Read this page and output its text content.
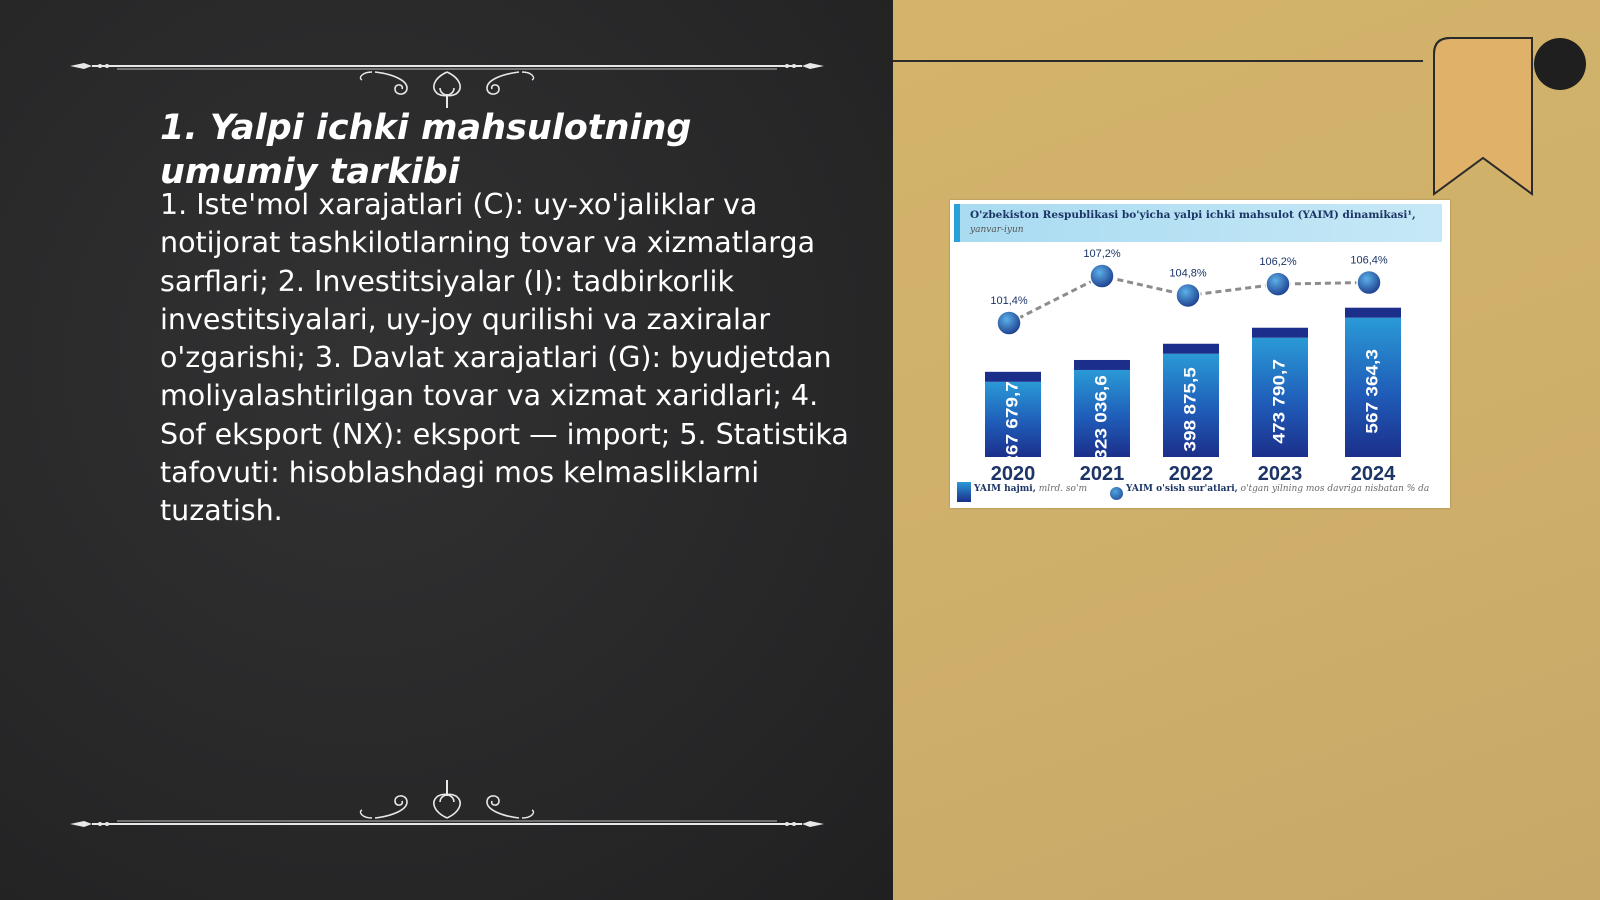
1. Yalpi ichki mahsulotning umumiy tarkibi

1. Iste'mol xarajatlari (C): uy-xo'jaliklar va notijorat tashkilotlarning tovar va xizmatlarga sarflari; 2. Investitsiyalar (I): tadbirkorlik investitsiyalari, uy-joy qurilishi va zaxiralar o'zgarishi; 3. Davlat xarajatlari (G): byudjetdan moliyalashtirilgan tovar va xizmat xaridlari; 4. Sof eksport (NX): eksport — import; 5. Statistika tafovuti: hisoblashdagi mos kelmasliklarni tuzatish.

O'zbekiston Respublikasi bo'yicha yalpi ichki mahsulot (YAIM) dinamikasi¹,
yanvar-iyun
267 679,7
2020
323 036,6
2021
398 875,5
2022
473 790,7
2023
567 364,3
2024
101,4%
107,2%
104,8%
106,2%	106,4%
YAIM hajmi, mlrd. so'm	YAIM o'sish sur'atlari, o'tgan yilning mos davriga nisbatan % da
